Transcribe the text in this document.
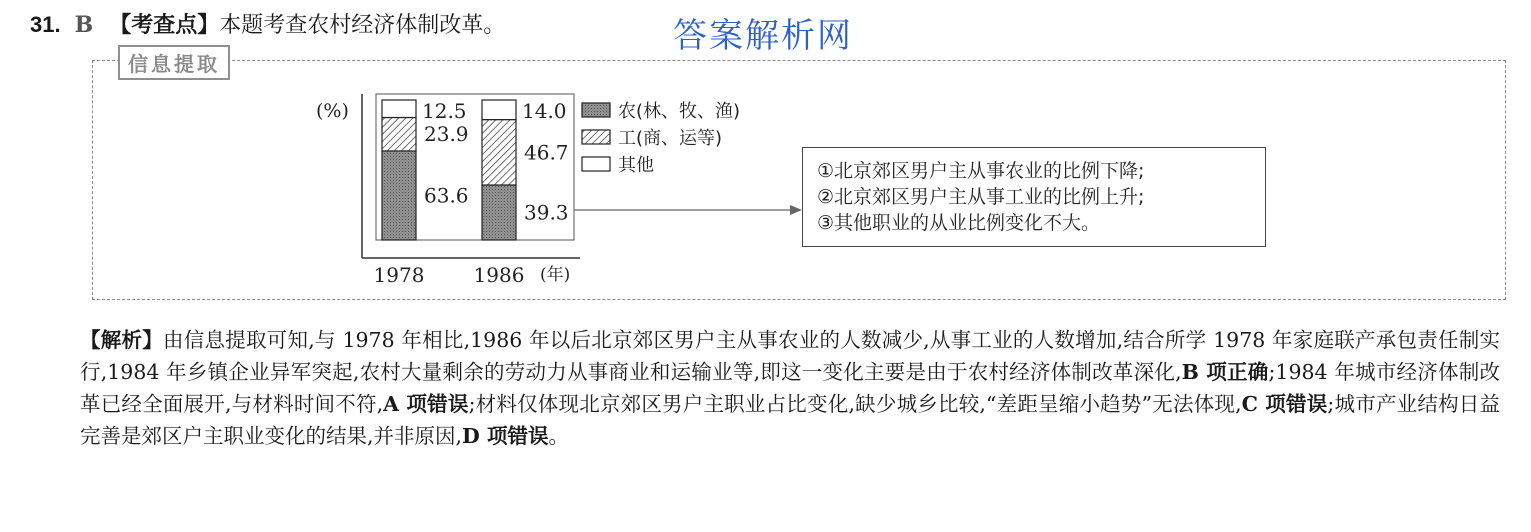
31. B 【考查点】 本题考查农村经济体制改革。	答案解析网
信息提取
(%)
(年)
63.6
23.9
12.5
1978
39.3
46.7
14.0
1986
农(林、牧、渔)
工(商、运等)
其他	①北京郊区男户主从事农业的比例下降;
②北京郊区男户主从事工业的比例上升;
③其他职业的从业比例变化不大。
【解析】由信息提取可知,与 1978 年相比,1986 年以后北京郊区男户主从事农业的人数减少,从事工业的人数增加,结合所学 1978 年家庭联产承包责任制实行,1984 年乡镇企业异军突起,农村大量剩余的劳动力从事商业和运输业等,即这一变化主要是由于农村经济体制改革深化,B 项正确;1984 年城市经济体制改革已经全面展开,与材料时间不符,A 项错误;材料仅体现北京郊区男户主职业占比变化,缺少城乡比较,“差距呈缩小趋势”无法体现,C 项错误;城市产业结构日益完善是郊区户主职业变化的结果,并非原因,D 项错误。
